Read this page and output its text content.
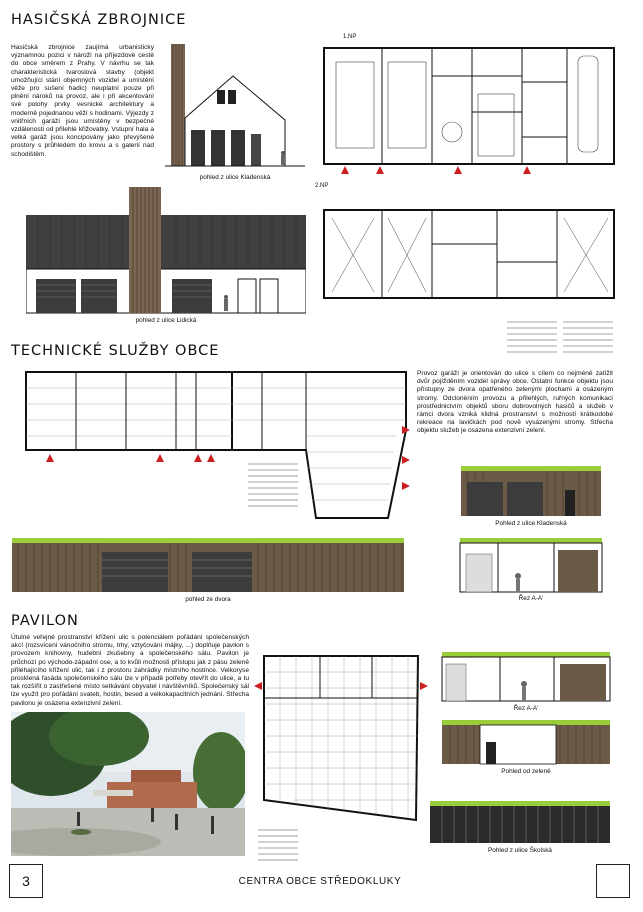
HASIČSKÁ ZBROJNICE
Hasičská zbrojnice zaujímá urbanisticky významnou pozici v nároží na příjezdové cestě do obce směrem z Prahy. V návrhu se tak charakteristická tvaroslová stavby (objekt umožňující stání objemných vozidel a umístění věže pro sušení hadic) neuplatní pouze při plnění nároků na provoz, ale i při akcentování své polohy prvky vesnické architektury a moderně pojednanou věží s hodinami. Výjezdy z vnitřních garáží jsou umístěny v bezpečné vzdálenosti od přilehlé křižovatky. Vstupní hala a velká garáž jsou koncipovány jako převýšené prostory s průhledem do krovu a s galerií nad schodištěm.
pohled z ulice Kladenská
pohled z ulice Lidická
1.NP
2.NP
TECHNICKÉ SLUŽBY OBCE
Provoz garáží je orientován do ulice s cílem co nejméně zatížit dvůr pojížděním vozidel správy obce. Ostatní funkce objektu jsou přístupny ze dvora opatřeného zelenými plochami a osázeným stromy. Odcloněním provozu a přilehlých, ruřných komunikací prostřednictvím objektů sboru dobrovolných hasičů a služeb v rámci dvora vzniká klidná prostranství s možností krátkodobé rekreace na lavičkách pod nově vysázenými stromy. Střecha objektu služeb je osázena extenzivní zelení.
Pohled z ulice Kladenská
pohled ze dvora	Řez A-A'
PAVILON
Útulné veřejné prostranství křížení ulic s potenciálem pořádání společenských akcí (rozsvícení vánočního stromu, trhy, vztyčování májky, ...) doplňuje pavilon s provozem knihovny, hudební zkušebny a společenského sálu. Pavilon je průchozí po východo-západní ose, a to kvůli možnosti přístupu jak z pásu zeleně přiléhajícího křížení ulic, tak i z prostoru zahrádky místního hostince. Velkoryse prosklená fasáda společenského sálu lze v případě potřeby otevřít do ulice, a tu tak rozšířit o zastřešené místo setkávání obyvatel i návštěvníků. Společenský sál lze využít pro pořádání svateb, hostin, besed a velkokapacitních jednání. Střecha pavilonu je osázena extenzivní zelení.
Řez A-A'
Pohled od zeleně
Pohled z ulice Školská
3	CENTRA OBCE STŘEDOKLUKY
